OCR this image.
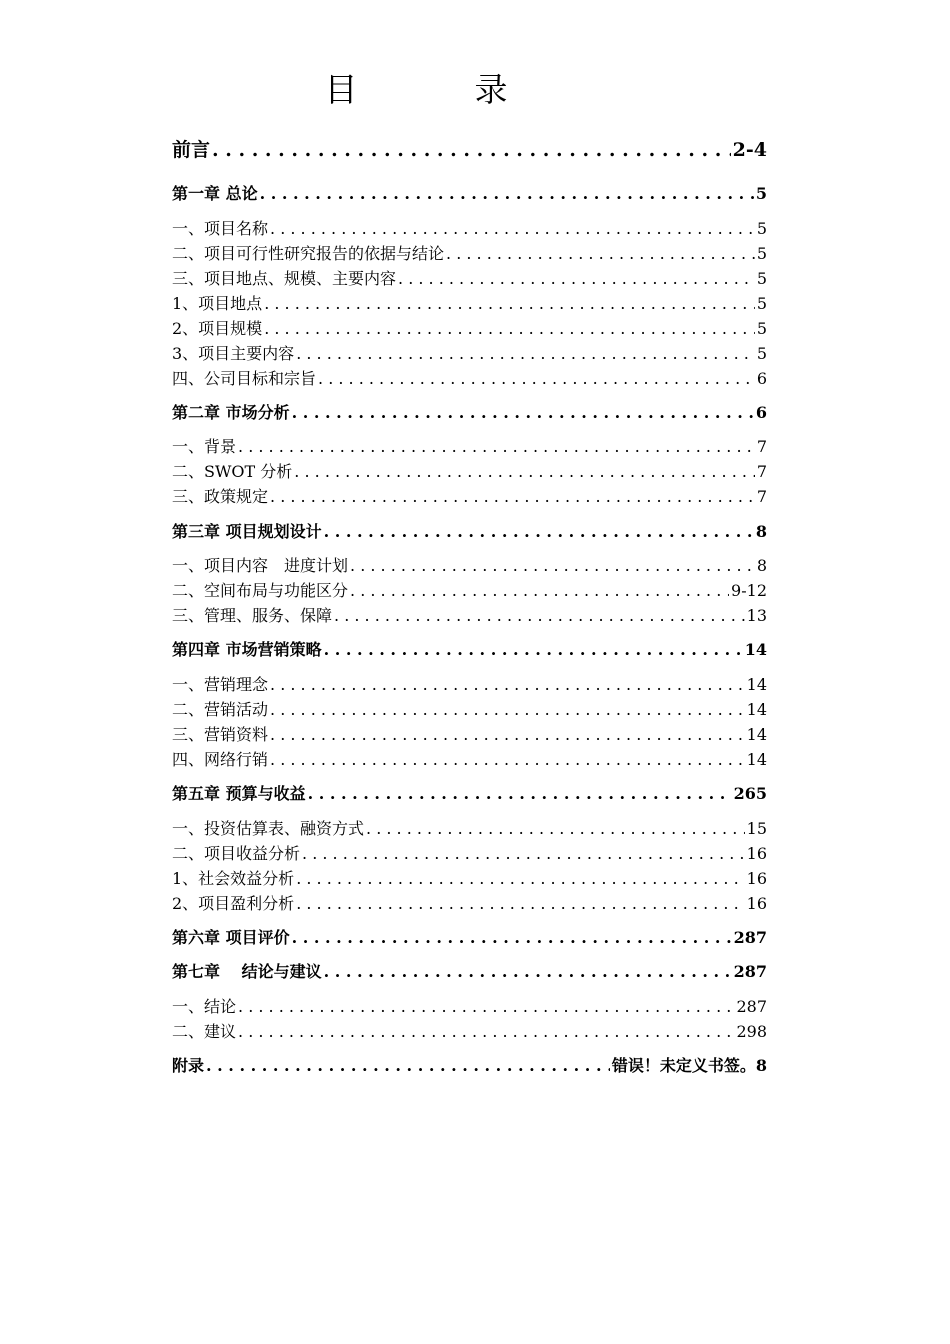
目　录
前言 . . .	2-4
第一章 总论 . . .	5
一、项目名称 . . .	5
二、项目可行性研究报告的依据与结论 . . .	5
三、项目地点、规模、主要内容 . . .	5
1、项目地点 . . .	5
2、项目规模 . . .	5
3、项目主要内容 . . .	5
四、公司目标和宗旨 . . .	6
第二章 市场分析 . . .	6
一、背景 . . .	7
二、SWOT 分析 . . .	7
三、政策规定 . . .	7
第三章 项目规划设计 . . .	8
一、项目内容　进度计划 . . .	8
二、空间布局与功能区分 . . .	9-12
三、管理、服务、保障 . . .	13
第四章 市场营销策略 . . .	14
一、营销理念 . . .	14
二、营销活动 . . .	14
三、营销资料 . . .	14
四、网络行销 . . .	14
第五章 预算与收益 . . .	265
一、投资估算表、融资方式 . . .	15
二、项目收益分析 . . .	16
1、社会效益分析 . . .	16
2、项目盈利分析 . . .	16
第六章 项目评价 . . .	287
第七章　 结论与建议 . . .	287
一、结论 . . .	287
二、建议 . . .	298
附录 . . .	错误！未定义书签。8
